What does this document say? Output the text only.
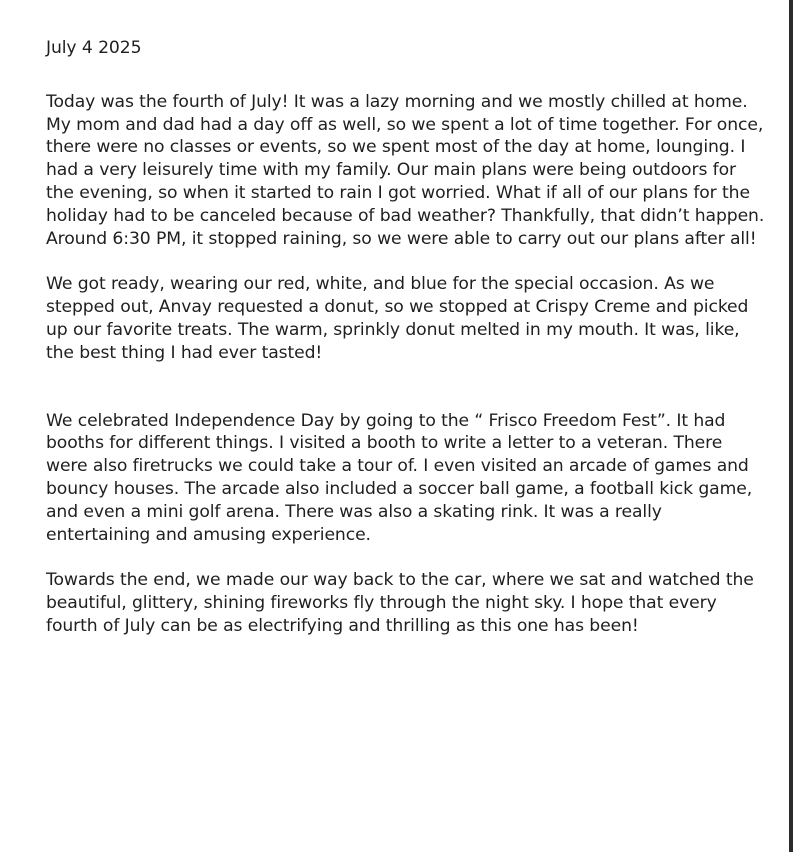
July 4 2025

Today was the fourth of July! It was a lazy morning and we mostly chilled at home. My mom and dad had a day off as well, so we spent a lot of time together. For once, there were no classes or events, so we spent most of the day at home, lounging. I had a very leisurely time with my family. Our main plans were being outdoors for the evening, so when it started to rain I got worried. What if all of our plans for the holiday had to be canceled because of bad weather? Thankfully, that didn’t happen. Around 6:30 PM, it stopped raining, so we were able to carry out our plans after all!

We got ready, wearing our red, white, and blue for the special occasion. As we stepped out, Anvay requested a donut, so we stopped at Crispy Creme and picked up our favorite treats. The warm, sprinkly donut melted in my mouth. It was, like, the best thing I had ever tasted!

We celebrated Independence Day by going to the “ Frisco Freedom Fest”. It had booths for different things. I visited a booth to write a letter to a veteran. There were also firetrucks we could take a tour of. I even visited an arcade of games and bouncy houses. The arcade also included a soccer ball game, a football kick game, and even a mini golf arena. There was also a skating rink. It was a really entertaining and amusing experience.

Towards the end, we made our way back to the car, where we sat and watched the beautiful, glittery, shining fireworks fly through the night sky. I hope that every fourth of July can be as electrifying and thrilling as this one has been!
